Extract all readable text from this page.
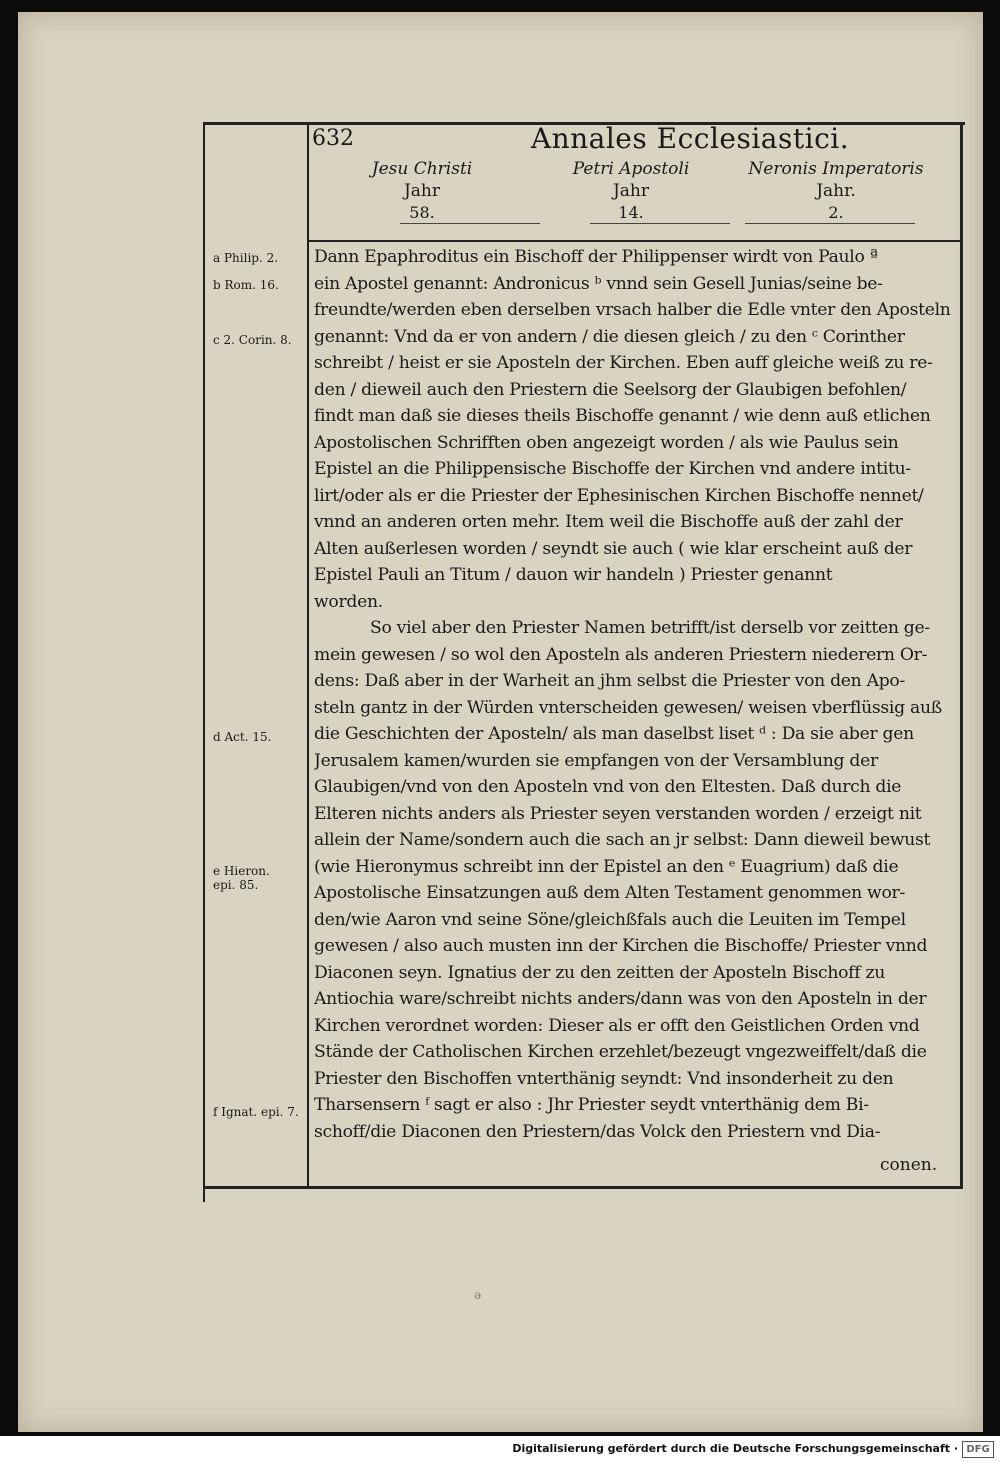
632	Annales Ecclesiastici.
Jesu Christi
Jahr
58.
Petri Apostoli
Jahr
14.
Neronis Imperatoris
Jahr.
2.
a Philip. 2.
b Rom. 16.
c 2. Corin. 8.
d Act. 15.
e Hieron. epi. 85.
f Ignat. epi. 7.
Dann Epaphroditus ein Bischoff der Philippenser wirdt von Paulo ª
ein Apostel genannt: Andronicus ᵇ vnnd sein Gesell Junias/seine be-
freundte/werden eben derselben vrsach halber die Edle vnter den Aposteln
genannt: Vnd da er von andern / die diesen gleich / zu den ᶜ Corinther
schreibt / heist er sie Aposteln der Kirchen. Eben auff gleiche weiß zu re-
den / dieweil auch den Priestern die Seelsorg der Glaubigen befohlen/
findt man daß sie dieses theils Bischoffe genannt / wie denn auß etlichen
Apostolischen Schrifften oben angezeigt worden / als wie Paulus sein
Epistel an die Philippensische Bischoffe der Kirchen vnd andere intitu-
lirt/oder als er die Priester der Ephesinischen Kirchen Bischoffe nennet/
vnnd an anderen orten mehr. Item weil die Bischoffe auß der zahl der
Alten außerlesen worden / seyndt sie auch ( wie klar erscheint auß der
Epistel Pauli an Titum / dauon wir handeln ) Priester genannt
worden.
So viel aber den Priester Namen betrifft/ist derselb vor zeitten ge-
mein gewesen / so wol den Aposteln als anderen Priestern niederern Or-
dens: Daß aber in der Warheit an jhm selbst die Priester von den Apo-
steln gantz in der Würden vnterscheiden gewesen/ weisen vberflüssig auß
die Geschichten der Aposteln/ als man daselbst liset ᵈ : Da sie aber gen
Jerusalem kamen/wurden sie empfangen von der Versamblung der
Glaubigen/vnd von den Aposteln vnd von den Eltesten. Daß durch die
Elteren nichts anders als Priester seyen verstanden worden / erzeigt nit
allein der Name/sondern auch die sach an jr selbst: Dann dieweil bewust
(wie Hieronymus schreibt inn der Epistel an den ᵉ Euagrium) daß die
Apostolische Einsatzungen auß dem Alten Testament genommen wor-
den/wie Aaron vnd seine Söne/gleichßfals auch die Leuiten im Tempel
gewesen / also auch musten inn der Kirchen die Bischoffe/ Priester vnnd
Diaconen seyn. Ignatius der zu den zeitten der Aposteln Bischoff zu
Antiochia ware/schreibt nichts anders/dann was von den Aposteln in der
Kirchen verordnet worden: Dieser als er offt den Geistlichen Orden vnd
Stände der Catholischen Kirchen erzehlet/bezeugt vngezweiffelt/daß die
Priester den Bischoffen vnterthänig seyndt: Vnd insonderheit zu den
Tharsensern ᶠ sagt er also : Jhr Priester seydt vnterthänig dem Bi-
schoff/die Diaconen den Priestern/das Volck den Priestern vnd Dia-
conen.
ə
Digitalisierung gefördert durch die Deutsche Forschungsgemeinschaft · DFG
